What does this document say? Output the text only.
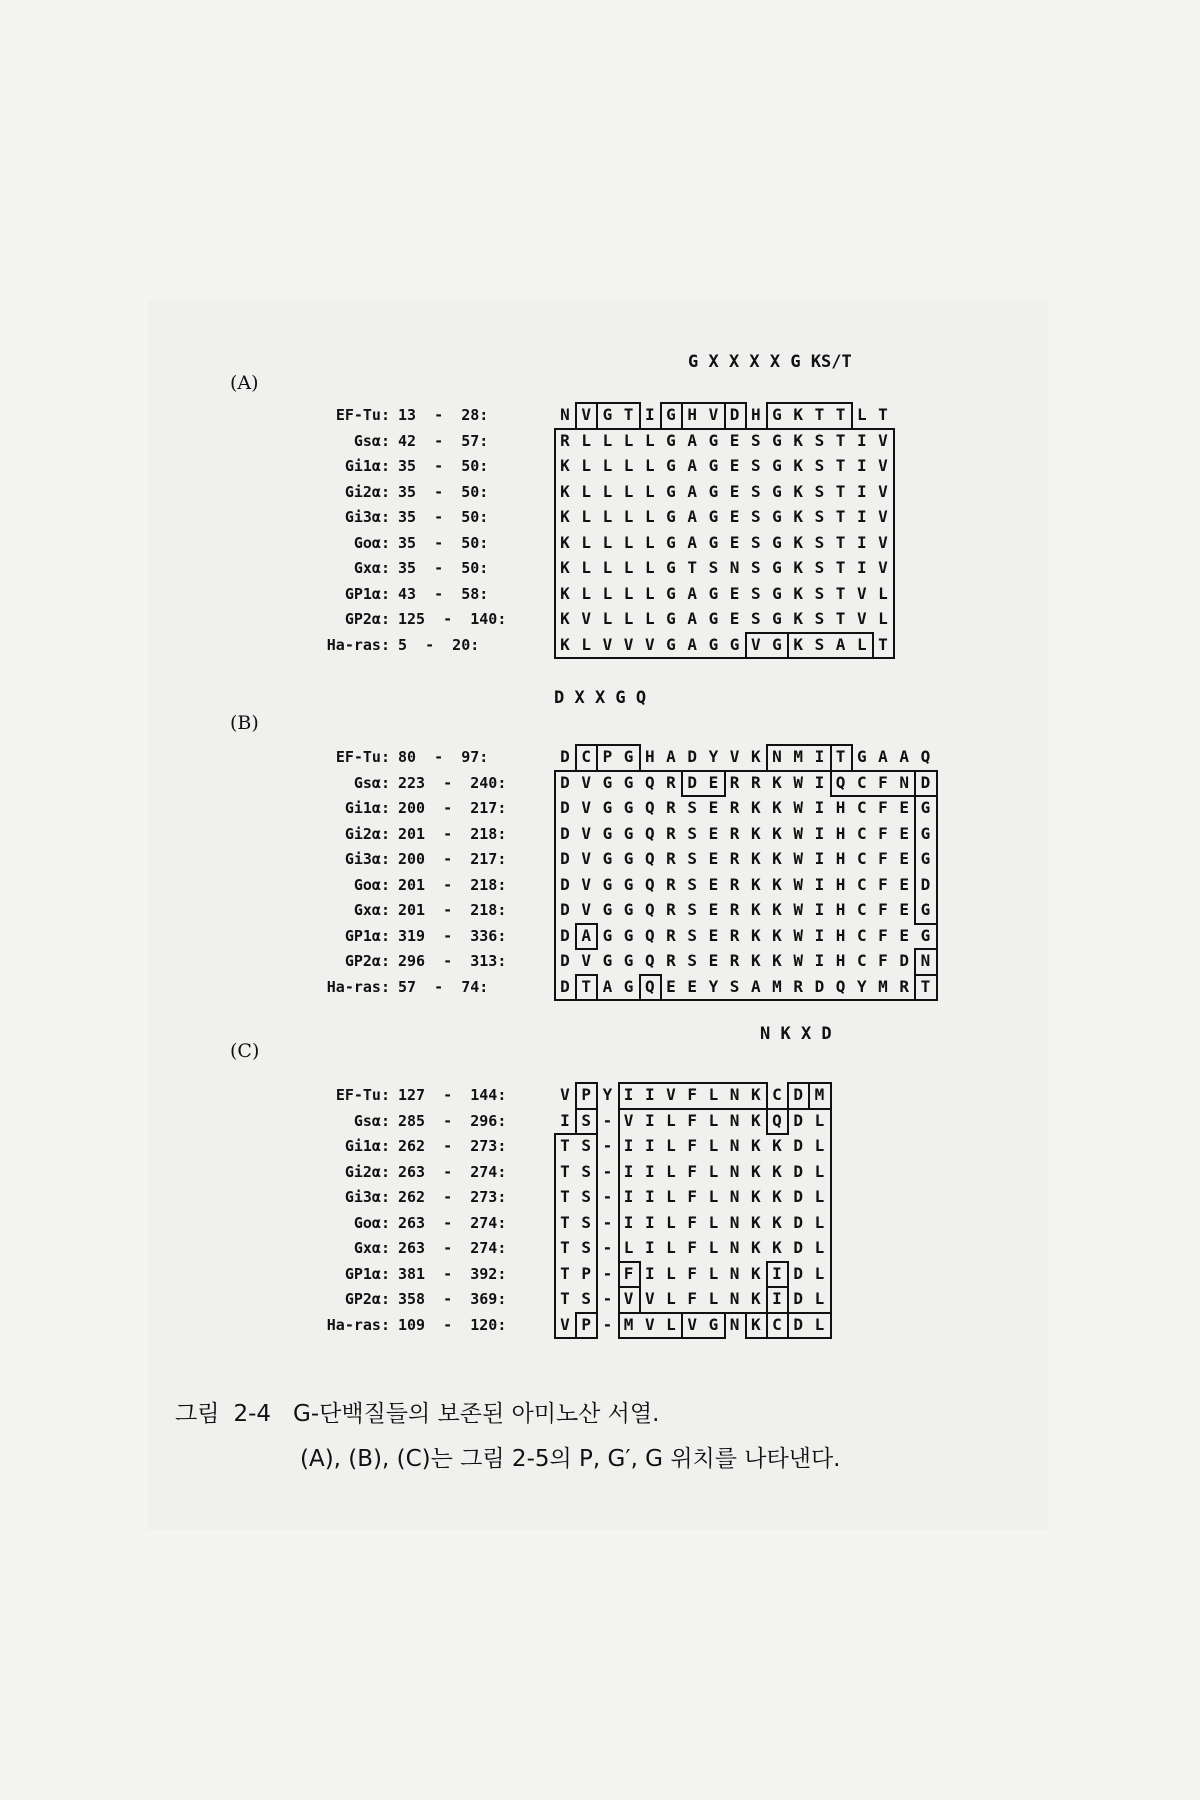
(A)
G X X X X G KS/T
EF-Tu: 13  -  28:	N V G T I G H V D H G K T T L T
Gsα: 42  -  57:	R L L L L G A G E S G K S T I V
Gi1α: 35  -  50:	K L L L L G A G E S G K S T I V
Gi2α: 35  -  50:	K L L L L G A G E S G K S T I V
Gi3α: 35  -  50:	K L L L L G A G E S G K S T I V
Goα: 35  -  50:	K L L L L G A G E S G K S T I V
Gxα: 35  -  50:	K L L L L G T S N S G K S T I V
GP1α: 43  -  58:	K L L L L G A G E S G K S T V L
GP2α: 125  -  140:	K V L L L G A G E S G K S T V L
Ha-ras: 5  -  20:	K L V V V G A G G V G K S A L T
(B)
D X X G Q
EF-Tu: 80  -  97:	D C P G H A D Y V K N M I T G A A Q
Gsα: 223  -  240:	D V G G Q R D E R R K W I Q C F N D
Gi1α: 200  -  217:	D V G G Q R S E R K K W I H C F E G
Gi2α: 201  -  218:	D V G G Q R S E R K K W I H C F E G
Gi3α: 200  -  217:	D V G G Q R S E R K K W I H C F E G
Goα: 201  -  218:	D V G G Q R S E R K K W I H C F E D
Gxα: 201  -  218:	D V G G Q R S E R K K W I H C F E G
GP1α: 319  -  336:	D A G G Q R S E R K K W I H C F E G
GP2α: 296  -  313:	D V G G Q R S E R K K W I H C F D N
Ha-ras: 57  -  74:	D T A G Q E E Y S A M R D Q Y M R T
(C)
N K X D
EF-Tu: 127  -  144:	V P Y I I V F L N K C D M
Gsα: 285  -  296:	I S - V I L F L N K Q D L
Gi1α: 262  -  273:	T S - I I L F L N K K D L
Gi2α: 263  -  274:	T S - I I L F L N K K D L
Gi3α: 262  -  273:	T S - I I L F L N K K D L
Goα: 263  -  274:	T S - I I L F L N K K D L
Gxα: 263  -  274:	T S - L I L F L N K K D L
GP1α: 381  -  392:	T P - F I L F L N K I D L
GP2α: 358  -  369:	T S - V V L F L N K I D L
Ha-ras: 109  -  120:	V P - M V L V G N K C D L
그림 2-4 G-단백질들의 보존된 아미노산 서열.
(A), (B), (C)는 그림 2-5의 P, G′, G 위치를 나타낸다.
